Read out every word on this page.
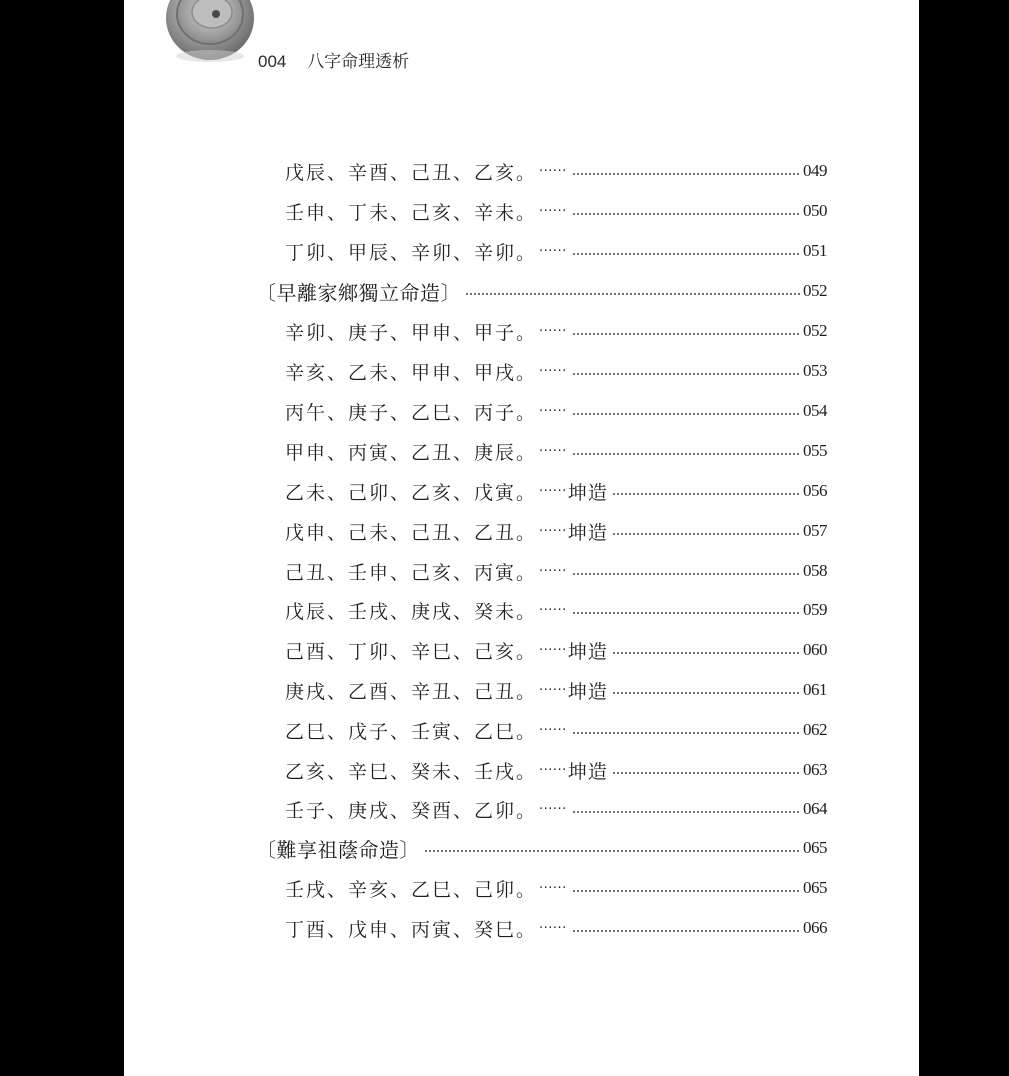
004 八字命理透析
戊辰、辛酉、己丑、乙亥。 ······	049
壬申、丁未、己亥、辛未。 ······	050
丁卯、甲辰、辛卯、辛卯。 ······	051
〔早離家鄉獨立命造〕	052
辛卯、庚子、甲申、甲子。 ······	052
辛亥、乙未、甲申、甲戌。 ······	053
丙午、庚子、乙巳、丙子。 ······	054
甲申、丙寅、乙丑、庚辰。 ······	055
乙未、己卯、乙亥、戊寅。 ······ 坤造	056
戊申、己未、己丑、乙丑。 ······ 坤造	057
己丑、壬申、己亥、丙寅。 ······	058
戊辰、壬戌、庚戌、癸未。 ······	059
己酉、丁卯、辛巳、己亥。 ······ 坤造	060
庚戌、乙酉、辛丑、己丑。 ······ 坤造	061
乙巳、戊子、壬寅、乙巳。 ······	062
乙亥、辛巳、癸未、壬戌。 ······ 坤造	063
壬子、庚戌、癸酉、乙卯。 ······	064
〔難享祖蔭命造〕	065
壬戌、辛亥、乙巳、己卯。 ······	065
丁酉、戊申、丙寅、癸巳。 ······	066
